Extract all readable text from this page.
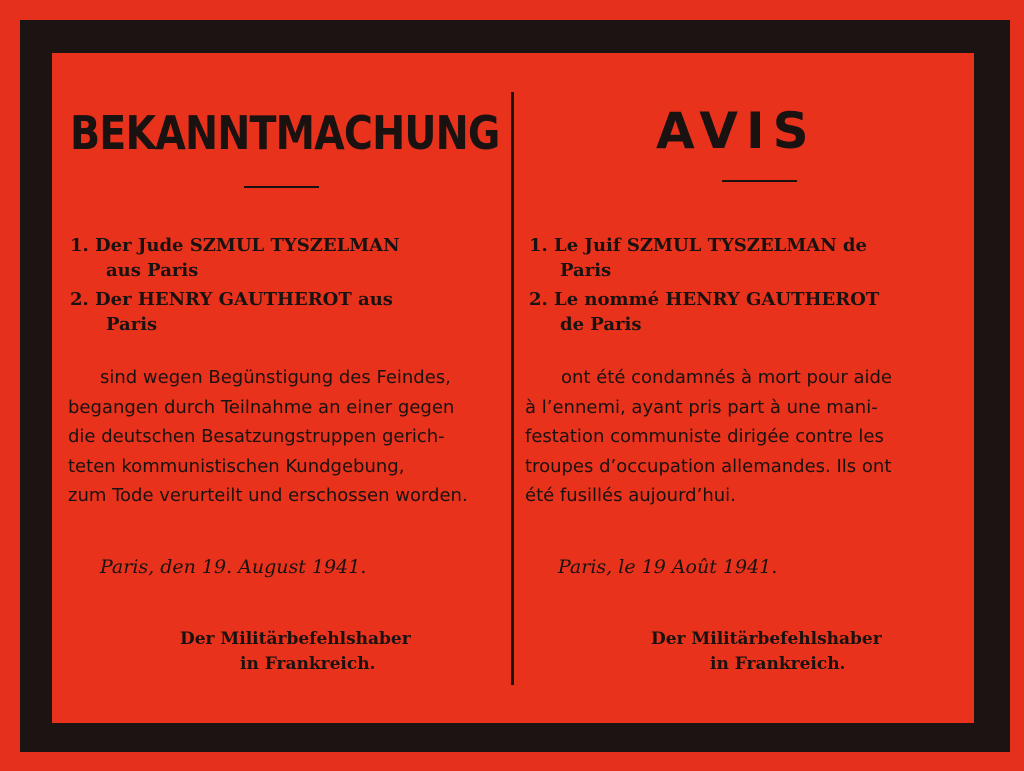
BEKANNTMACHUNG
1. Der Jude SZMUL TYSZELMAN
aus Paris
2. Der HENRY GAUTHEROT aus
Paris
sind wegen Begünstigung des Feindes,
begangen durch Teilnahme an einer gegen
die deutschen Besatzungstruppen gerich-
teten kommunistischen Kundgebung,
zum Tode verurteilt und erschossen worden.
Paris, den 19. August 1941.
Der Militärbefehlshaber
in Frankreich.
AVIS
1. Le Juif SZMUL TYSZELMAN de
Paris
2. Le nommé HENRY GAUTHEROT
de Paris
ont été condamnés à mort pour aide
à l’ennemi, ayant pris part à une mani-
festation communiste dirigée contre les
troupes d’occupation allemandes. Ils ont
été fusillés aujourd’hui.
Paris, le 19 Août 1941.
Der Militärbefehlshaber
in Frankreich.
